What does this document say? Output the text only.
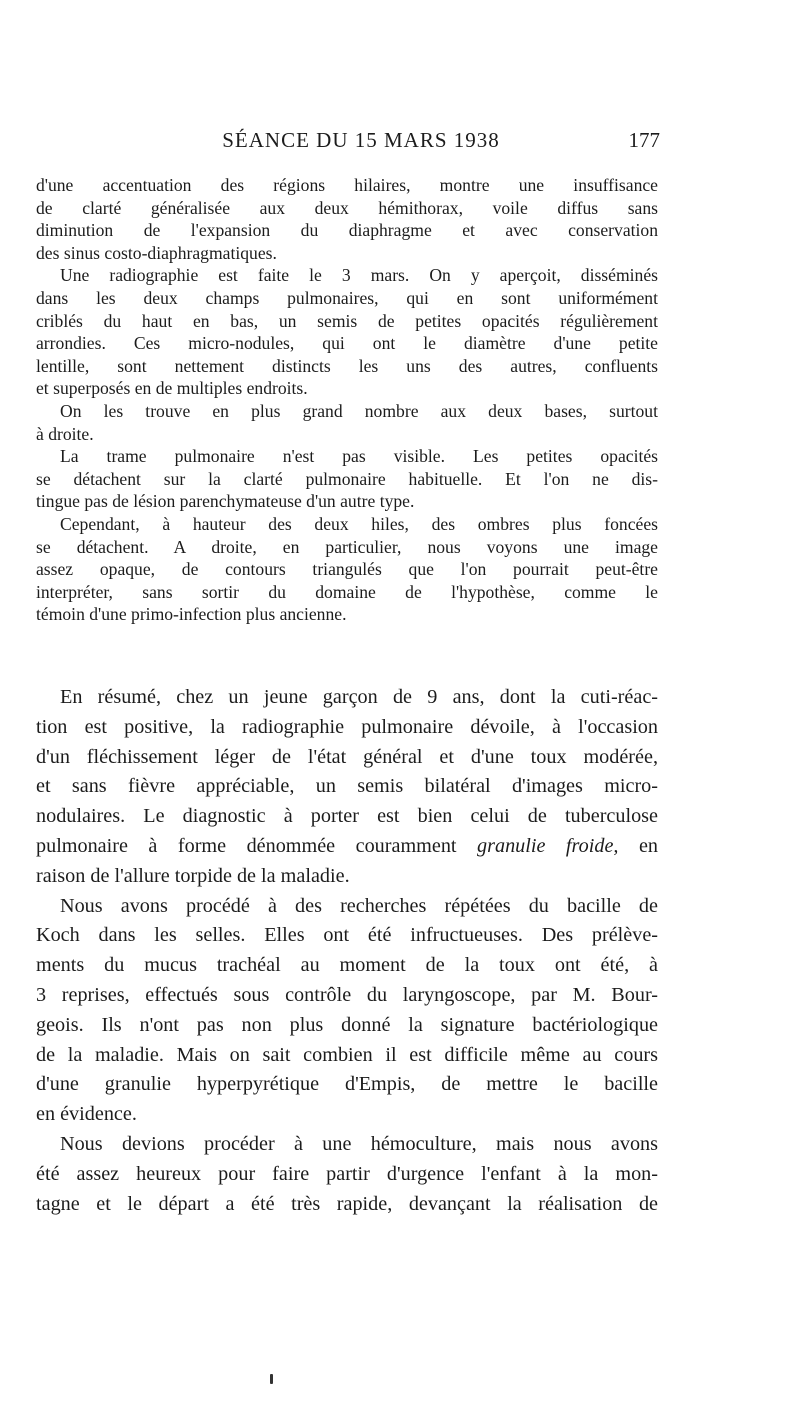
SÉANCE DU 15 MARS 1938	177
d'une accentuation des régions hilaires, montre une insuffisance
de clarté généralisée aux deux hémithorax, voile diffus sans
diminution de l'expansion du diaphragme et avec conservation
des sinus costo-diaphragmatiques.
Une radiographie est faite le 3 mars. On y aperçoit, disséminés
dans les deux champs pulmonaires, qui en sont uniformément
criblés du haut en bas, un semis de petites opacités régulièrement
arrondies. Ces micro-nodules, qui ont le diamètre d'une petite
lentille, sont nettement distincts les uns des autres, confluents
et superposés en de multiples endroits.
On les trouve en plus grand nombre aux deux bases, surtout
à droite.
La trame pulmonaire n'est pas visible. Les petites opacités
se détachent sur la clarté pulmonaire habituelle. Et l'on ne dis-
tingue pas de lésion parenchymateuse d'un autre type.
Cependant, à hauteur des deux hiles, des ombres plus foncées
se détachent. A droite, en particulier, nous voyons une image
assez opaque, de contours triangulés que l'on pourrait peut-être
interpréter, sans sortir du domaine de l'hypothèse, comme le
témoin d'une primo-infection plus ancienne.
En résumé, chez un jeune garçon de 9 ans, dont la cuti-réac-
tion est positive, la radiographie pulmonaire dévoile, à l'occasion
d'un fléchissement léger de l'état général et d'une toux modérée,
et sans fièvre appréciable, un semis bilatéral d'images micro-
nodulaires. Le diagnostic à porter est bien celui de tuberculose
pulmonaire à forme dénommée couramment granulie froide, en
raison de l'allure torpide de la maladie.
Nous avons procédé à des recherches répétées du bacille de
Koch dans les selles. Elles ont été infructueuses. Des prélève-
ments du mucus trachéal au moment de la toux ont été, à
3 reprises, effectués sous contrôle du laryngoscope, par M. Bour-
geois. Ils n'ont pas non plus donné la signature bactériologique
de la maladie. Mais on sait combien il est difficile même au cours
d'une granulie hyperpyrétique d'Empis, de mettre le bacille
en évidence.
Nous devions procéder à une hémoculture, mais nous avons
été assez heureux pour faire partir d'urgence l'enfant à la mon-
tagne et le départ a été très rapide, devançant la réalisation de
